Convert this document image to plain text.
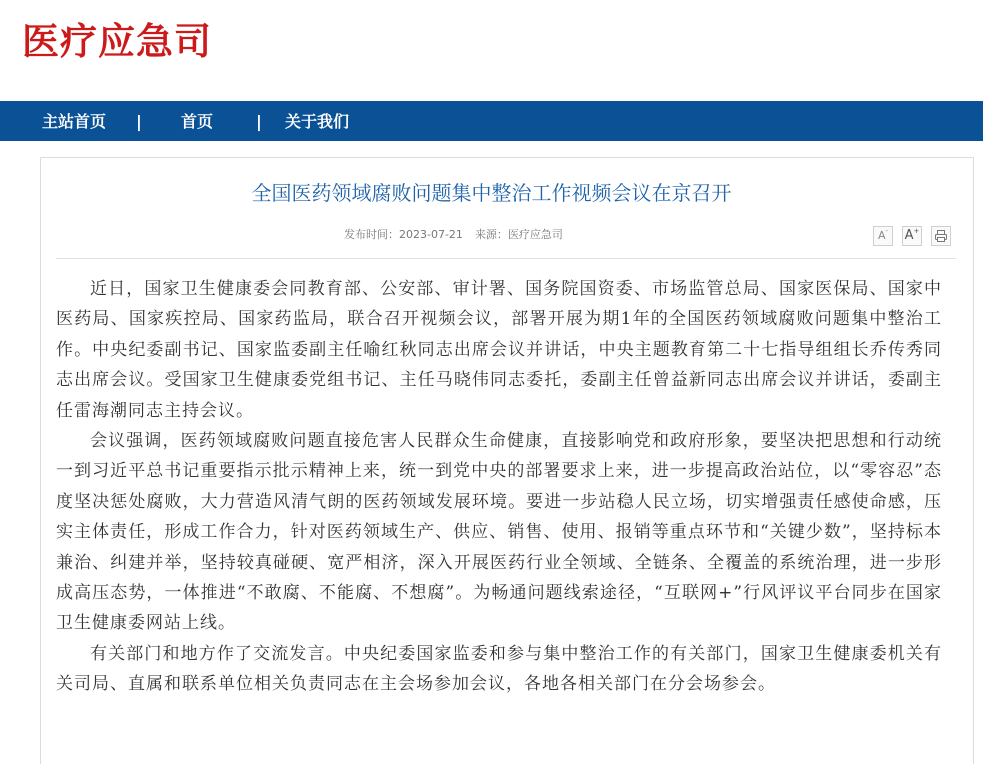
医疗应急司
主站首页 | 首页	| 关于我们
全国医药领域腐败问题集中整治工作视频会议在京召开
发布时间：2023-07-21 来源：医疗应急司	A-	A+

近日，国家卫生健康委会同教育部、公安部、审计署、国务院国资委、市场监管总局、国家医保局、国家中医药局、国家疾控局、国家药监局，联合召开视频会议，部署开展为期1年的全国医药领域腐败问题集中整治工作。中央纪委副书记、国家监委副主任喻红秋同志出席会议并讲话，中央主题教育第二十七指导组组长乔传秀同志出席会议。受国家卫生健康委党组书记、主任马晓伟同志委托，委副主任曾益新同志出席会议并讲话，委副主任雷海潮同志主持会议。

会议强调，医药领域腐败问题直接危害人民群众生命健康，直接影响党和政府形象，要坚决把思想和行动统一到习近平总书记重要指示批示精神上来，统一到党中央的部署要求上来，进一步提高政治站位，以“零容忍”态度坚决惩处腐败，大力营造风清气朗的医药领域发展环境。要进一步站稳人民立场，切实增强责任感使命感，压实主体责任，形成工作合力，针对医药领域生产、供应、销售、使用、报销等重点环节和“关键少数”，坚持标本兼治、纠建并举，坚持较真碰硬、宽严相济，深入开展医药行业全领域、全链条、全覆盖的系统治理，进一步形成高压态势，一体推进“不敢腐、不能腐、不想腐”。为畅通问题线索途径，“互联网+”行风评议平台同步在国家卫生健康委网站上线。

有关部门和地方作了交流发言。中央纪委国家监委和参与集中整治工作的有关部门，国家卫生健康委机关有关司局、直属和联系单位相关负责同志在主会场参加会议，各地各相关部门在分会场参会。
